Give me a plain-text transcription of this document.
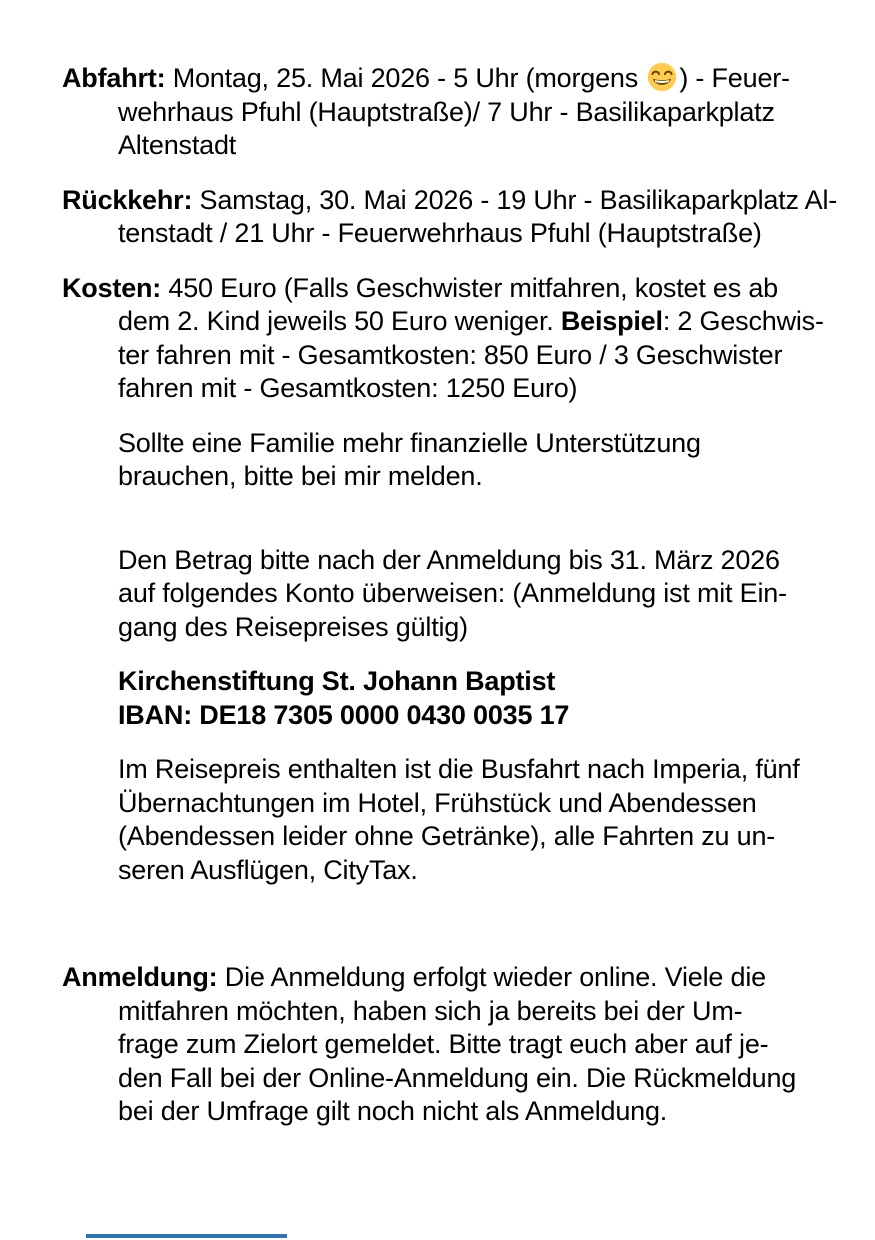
Abfahrt: Montag, 25. Mai 2026 - 5 Uhr (morgens
) - Feuer-
wehrhaus Pfuhl (Hauptstraße)/ 7 Uhr - Basilikaparkplatz
Altenstadt
Rückkehr: Samstag, 30. Mai 2026 - 19 Uhr - Basilikaparkplatz Al-
tenstadt / 21 Uhr - Feuerwehrhaus Pfuhl (Hauptstraße)
Kosten: 450 Euro (Falls Geschwister mitfahren, kostet es ab
dem 2. Kind jeweils 50 Euro weniger. Beispiel: 2 Geschwis-
ter fahren mit - Gesamtkosten: 850 Euro / 3 Geschwister
fahren mit - Gesamtkosten: 1250 Euro)
Sollte eine Familie mehr finanzielle Unterstützung
brauchen, bitte bei mir melden.
Den Betrag bitte nach der Anmeldung bis 31. März 2026
auf folgendes Konto überweisen: (Anmeldung ist mit Ein-
gang des Reisepreises gültig)
Kirchenstiftung St. Johann Baptist
IBAN: DE18 7305 0000 0430 0035 17
Im Reisepreis enthalten ist die Busfahrt nach Imperia, fünf
Übernachtungen im Hotel, Frühstück und Abendessen
(Abendessen leider ohne Getränke), alle Fahrten zu un-
seren Ausflügen, CityTax.
Anmeldung: Die Anmeldung erfolgt wieder online. Viele die
mitfahren möchten, haben sich ja bereits bei der Um-
frage zum Zielort gemeldet. Bitte tragt euch aber auf je-
den Fall bei der Online-Anmeldung ein. Die Rückmeldung
bei der Umfrage gilt noch nicht als Anmeldung.
